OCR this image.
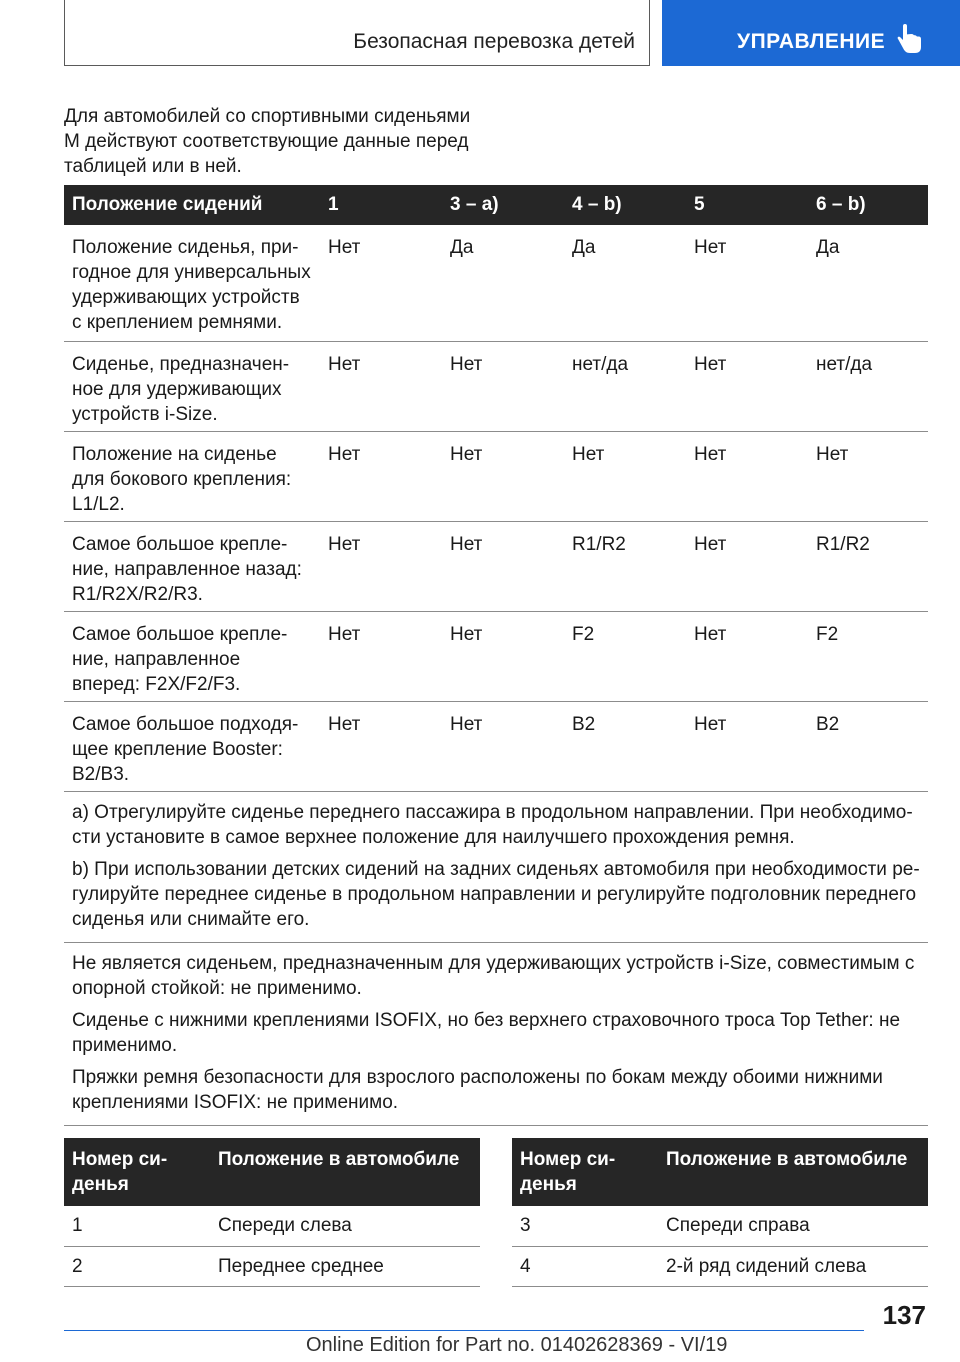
Безопасная перевозка детей	УПРАВЛЕНИЕ
Для автомобилей со спортивными сиденьями M действуют соответствующие данные перед таблицей или в ней.
Положение сидений	1	3 – a)	4 – b)	5	6 – b)
Положение сиденья, пригодное для универсальных удерживающих устройств с креплением ремнями.	Нет	Да	Да	Нет	Да
Сиденье, предназначенное для удерживающих устройств i-Size.	Нет	Нет	нет/да	Нет	нет/да
Положение на сиденье для бокового крепления: L1/L2.	Нет	Нет	Нет	Нет	Нет
Самое большое крепление, направленное назад: R1/R2X/R2/R3.	Нет	Нет	R1/R2	Нет	R1/R2
Самое большое крепление, направленное вперед: F2X/F2/F3.	Нет	Нет	F2	Нет	F2
Самое большое подходящее крепление Booster: B2/B3.	Нет	Нет	B2	Нет	B2

a) Отрегулируйте сиденье переднего пассажира в продольном направлении. При необходимости установите в самое верхнее положение для наилучшего прохождения ремня.

b) При использовании детских сидений на задних сиденьях автомобиля при необходимости регулируйте переднее сиденье в продольном направлении и регулируйте подголовник переднего сиденья или снимайте его.					

Не является сиденьем, предназначенным для удерживающих устройств i-Size, совместимым с опорной стойкой: не применимо.

Сиденье с нижними креплениями ISOFIX, но без верхнего страховочного троса Top Tether: не применимо.

Пряжки ремня безопасности для взрослого расположены по бокам между обоими нижними креплениями ISOFIX: не применимо.					

Номер сиденья	Положение в автомобиле
1	Спереди слева
2	Переднее среднее
Номер сиденья	Положение в автомобиле
3	Спереди справа
4	2-й ряд сидений слева
137
Online Edition for Part no. 01402628369 - VI/19
